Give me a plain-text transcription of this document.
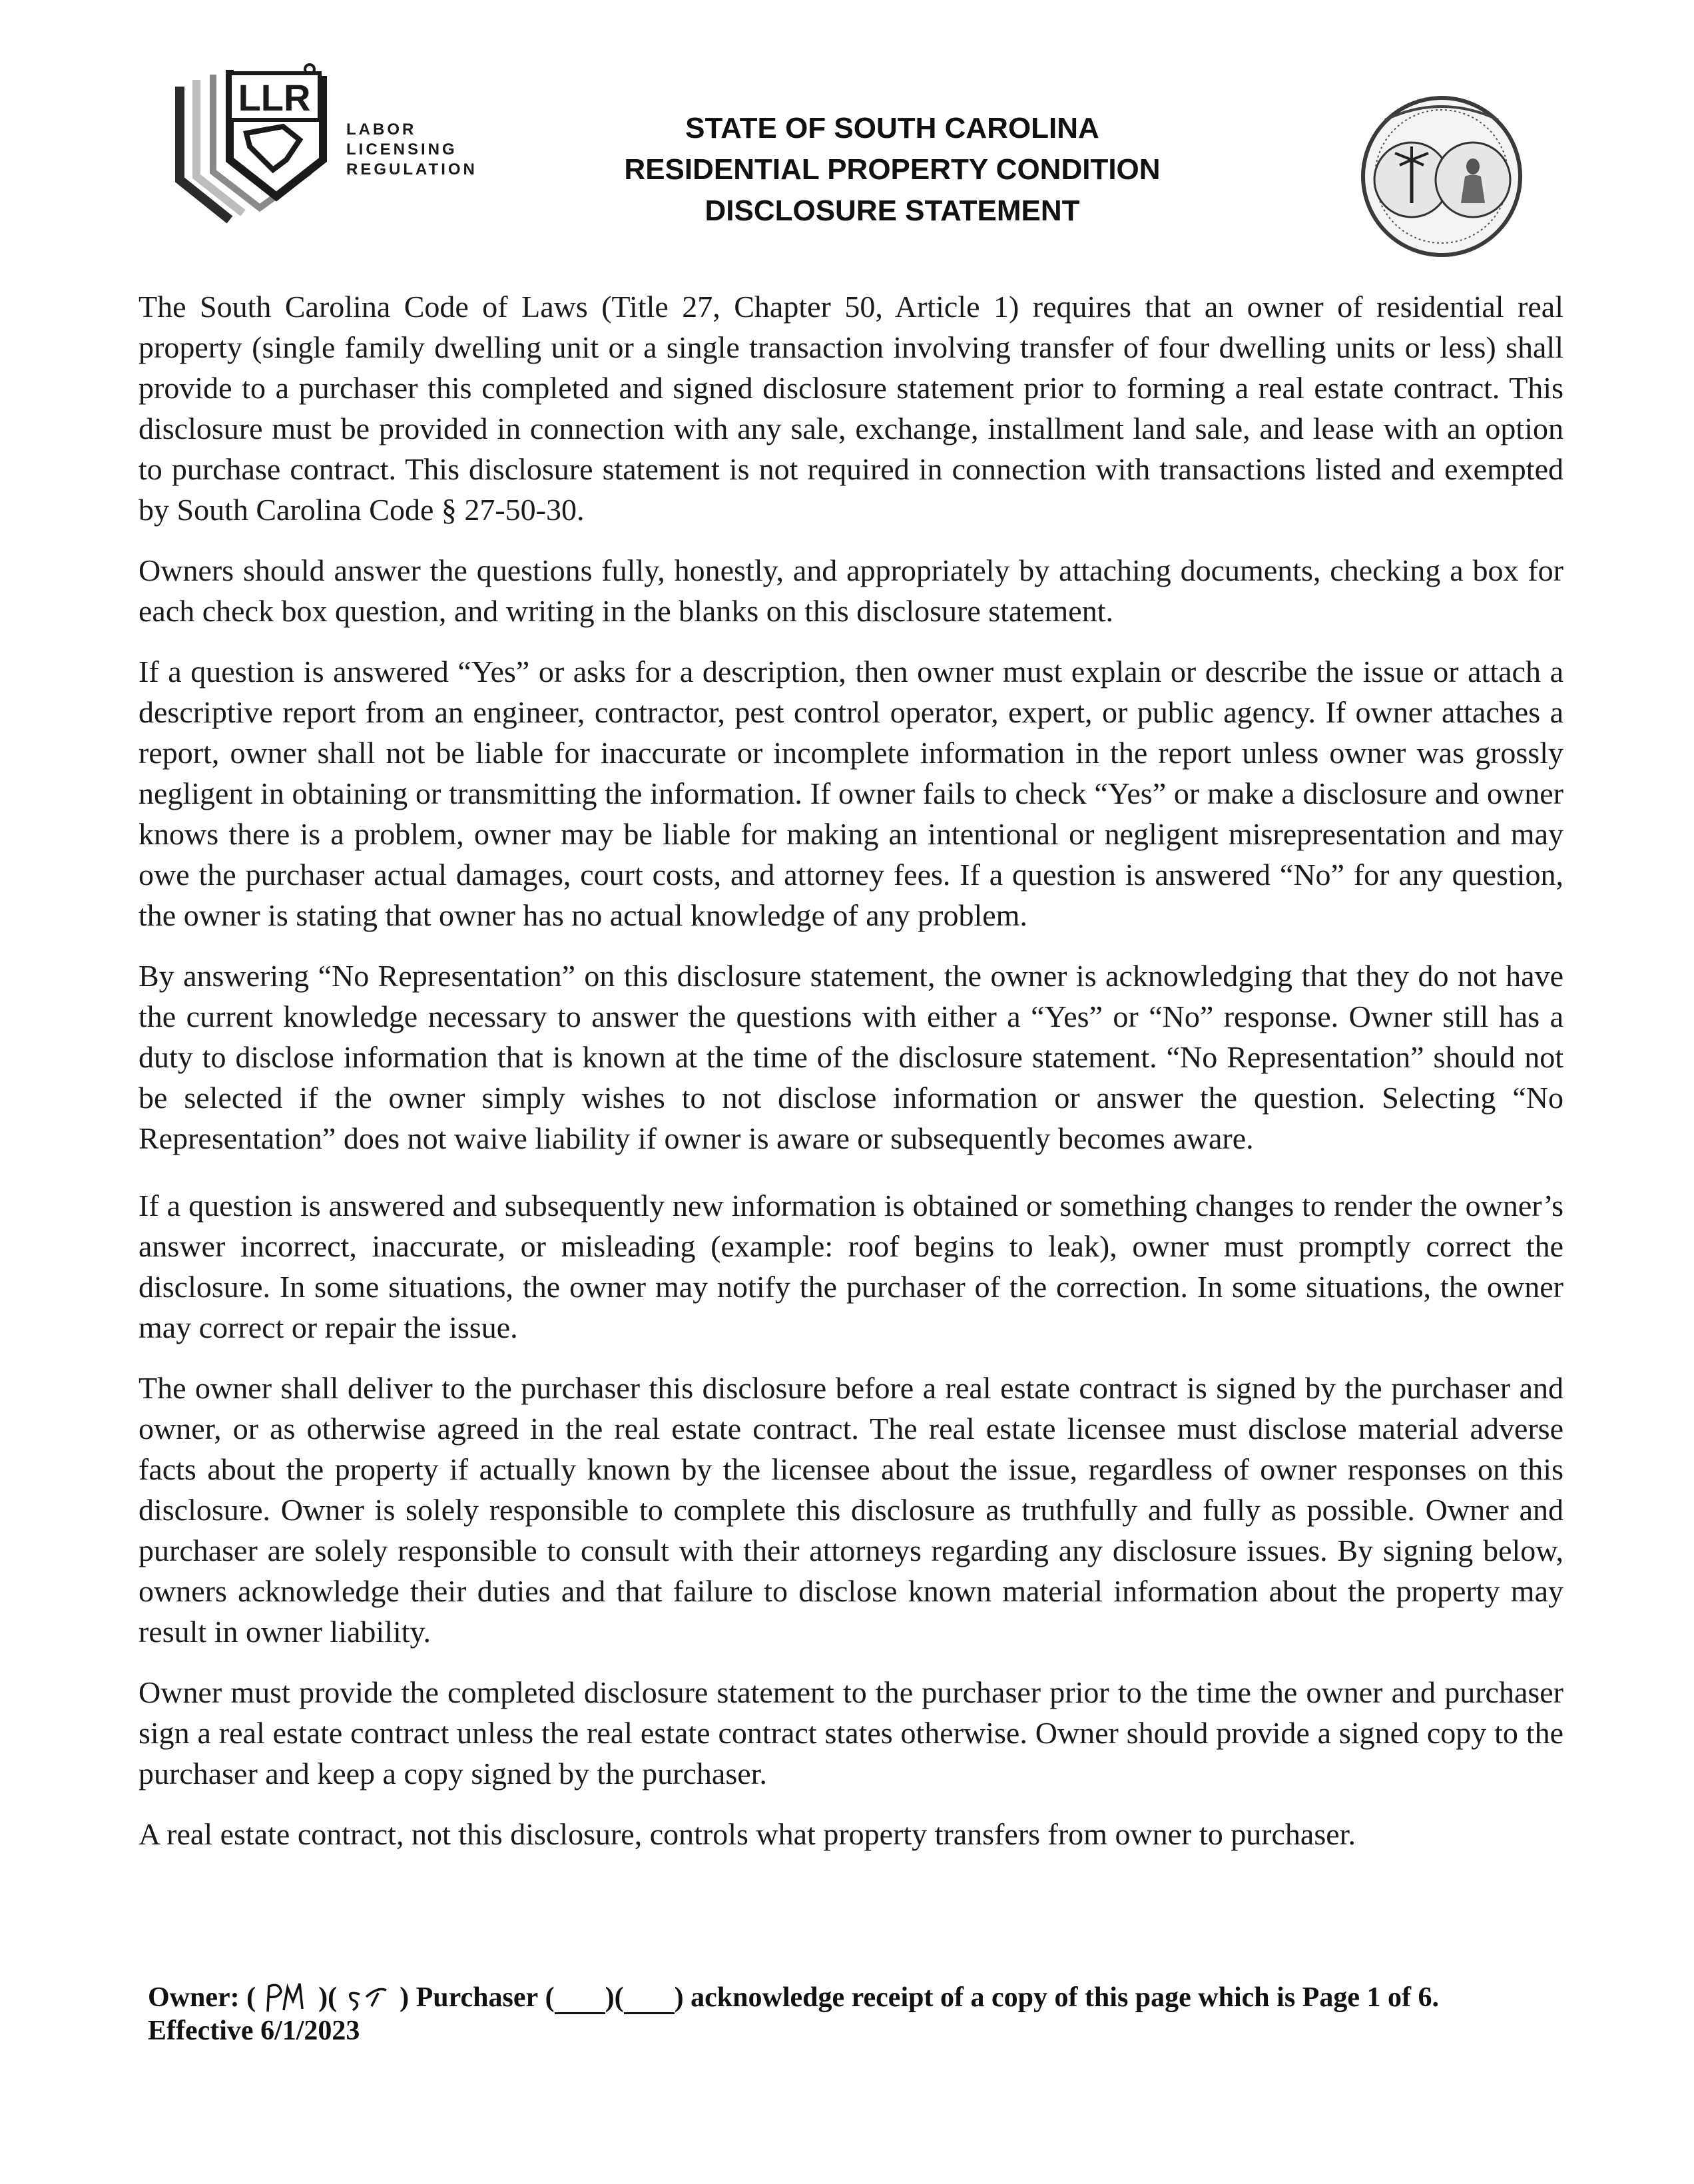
LLR
LABOR
LICENSING
REGULATION
STATE OF SOUTH CAROLINA
RESIDENTIAL PROPERTY CONDITION
DISCLOSURE STATEMENT

The South Carolina Code of Laws (Title 27, Chapter 50, Article 1) requires that an owner of residential real property (single family dwelling unit or a single transaction involving transfer of four dwelling units or less) shall provide to a purchaser this completed and signed disclosure statement prior to forming a real estate contract. This disclosure must be provided in connection with any sale, exchange, installment land sale, and lease with an option to purchase contract. This disclosure statement is not required in connection with transactions listed and exempted by South Carolina Code § 27-50-30.

Owners should answer the questions fully, honestly, and appropriately by attaching documents, checking a box for each check box question, and writing in the blanks on this disclosure statement.

If a question is answered “Yes” or asks for a description, then owner must explain or describe the issue or attach a descriptive report from an engineer, contractor, pest control operator, expert, or public agency. If owner attaches a report, owner shall not be liable for inaccurate or incomplete information in the report unless owner was grossly negligent in obtaining or transmitting the information. If owner fails to check “Yes” or make a disclosure and owner knows there is a problem, owner may be liable for making an intentional or negligent misrepresentation and may owe the purchaser actual damages, court costs, and attorney fees. If a question is answered “No” for any question, the owner is stating that owner has no actual knowledge of any problem.

By answering “No Representation” on this disclosure statement, the owner is acknowledging that they do not have the current knowledge necessary to answer the questions with either a “Yes” or “No” response. Owner still has a duty to disclose information that is known at the time of the disclosure statement. “No Representation” should not be selected if the owner simply wishes to not disclose information or answer the question. Selecting “No Representation” does not waive liability if owner is aware or subsequently becomes aware.

If a question is answered and subsequently new information is obtained or something changes to render the owner’s answer incorrect, inaccurate, or misleading (example: roof begins to leak), owner must promptly correct the disclosure. In some situations, the owner may notify the purchaser of the correction. In some situations, the owner may correct or repair the issue.

The owner shall deliver to the purchaser this disclosure before a real estate contract is signed by the purchaser and owner, or as otherwise agreed in the real estate contract. The real estate licensee must disclose material adverse facts about the property if actually known by the licensee about the issue, regardless of owner responses on this disclosure. Owner is solely responsible to complete this disclosure as truthfully and fully as possible. Owner and purchaser are solely responsible to consult with their attorneys regarding any disclosure issues. By signing below, owners acknowledge their duties and that failure to disclose known material information about the property may result in owner liability.

Owner must provide the completed disclosure statement to the purchaser prior to the time the owner and purchaser sign a real estate contract unless the real estate contract states otherwise. Owner should provide a signed copy to the purchaser and keep a copy signed by the purchaser.

A real estate contract, not this disclosure, controls what property transfers from owner to purchaser.

Owner: ( )( ) Purchaser ( )( ) acknowledge receipt of a copy of this page which is Page 1 of 6.
Effective 6/1/2023
